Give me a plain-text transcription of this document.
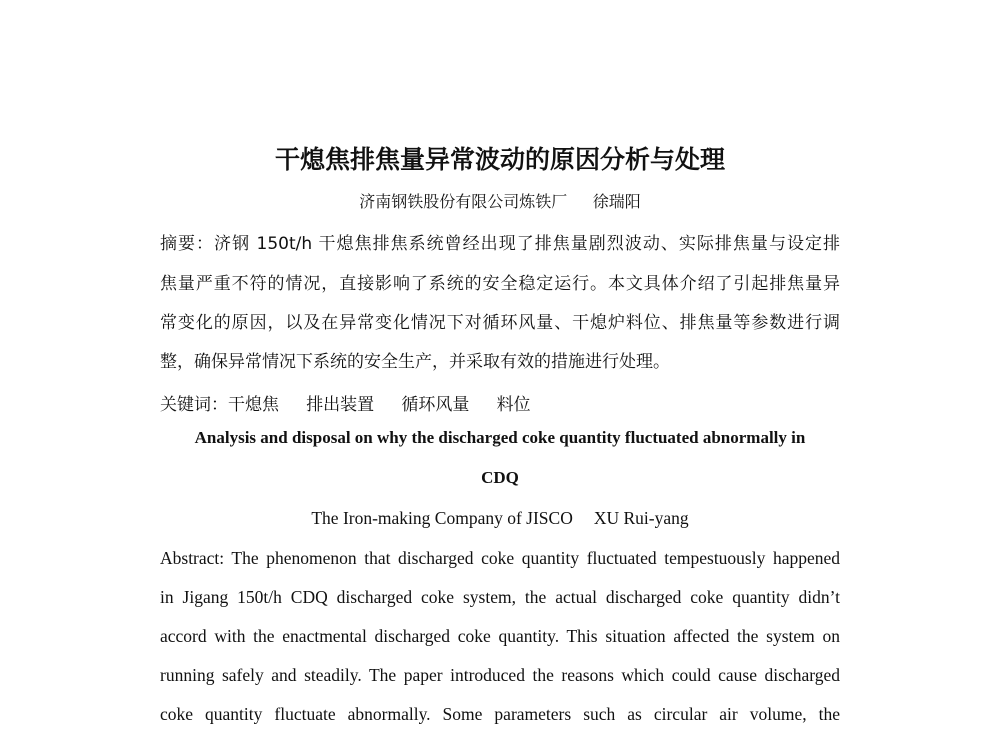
干熄焦排焦量异常波动的原因分析与处理
济南钢铁股份有限公司炼铁厂 徐瑞阳
摘要：济钢 150t/h 干熄焦排焦系统曾经出现了排焦量剧烈波动、实际排焦量与设定排
焦量严重不符的情况，直接影响了系统的安全稳定运行。本文具体介绍了引起排焦量异
常变化的原因，以及在异常变化情况下对循环风量、干熄炉料位、排焦量等参数进行调
整，确保异常情况下系统的安全生产，并采取有效的措施进行处理。
关键词：干熄焦 排出装置 循环风量 料位
Analysis and disposal on why the discharged coke quantity fluctuated abnormally in
CDQ
The Iron-making Company of JISCO XU Rui-yang
Abstract: The phenomenon that discharged coke quantity fluctuated tempestuously happened
in Jigang 150t/h CDQ discharged coke system, the actual discharged coke quantity didn’t
accord with the enactmental discharged coke quantity. This situation affected the system on
running safely and steadily. The paper introduced the reasons which could cause discharged
coke quantity fluctuate abnormally. Some parameters such as circular air volume, the
